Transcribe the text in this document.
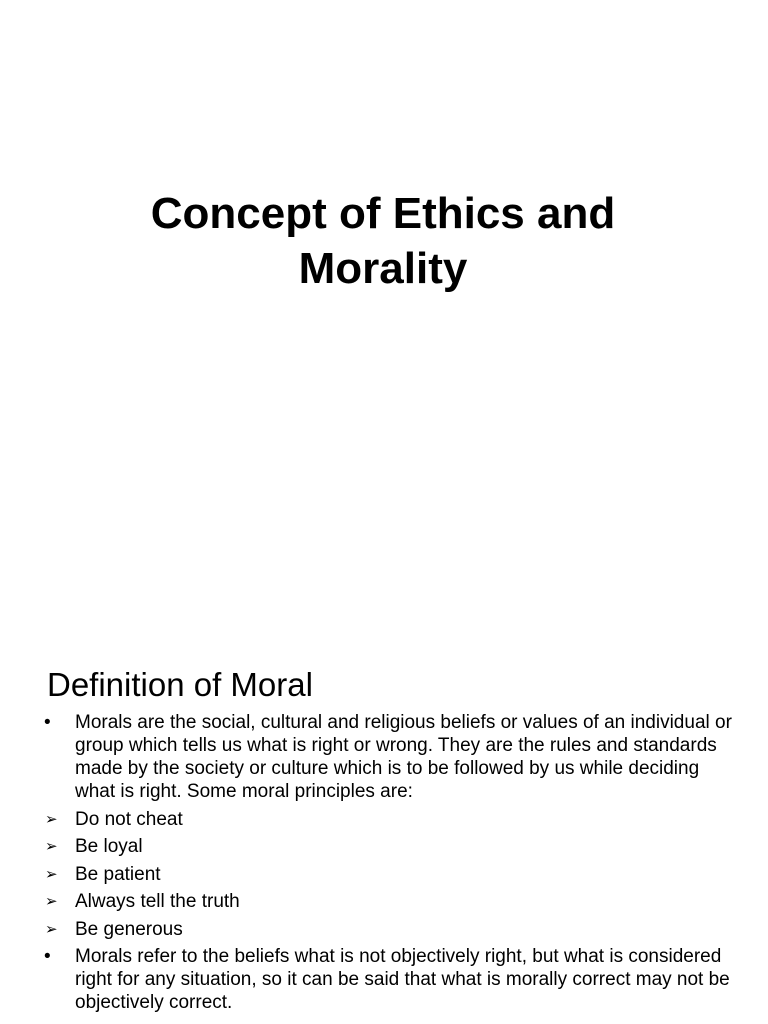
Concept of Ethics and Morality
Definition of Moral
•	Morals are the social, cultural and religious beliefs or values of an individual or group which tells us what is right or wrong. They are the rules and standards made by the society or culture which is to be followed by us while deciding what is right. Some moral principles are:
➢ Do not cheat
➢ Be loyal
➢ Be patient
➢ Always tell the truth
➢ Be generous
•	Morals refer to the beliefs what is not objectively right, but what is considered right for any situation, so it can be said that what is morally correct may not be objectively correct.
